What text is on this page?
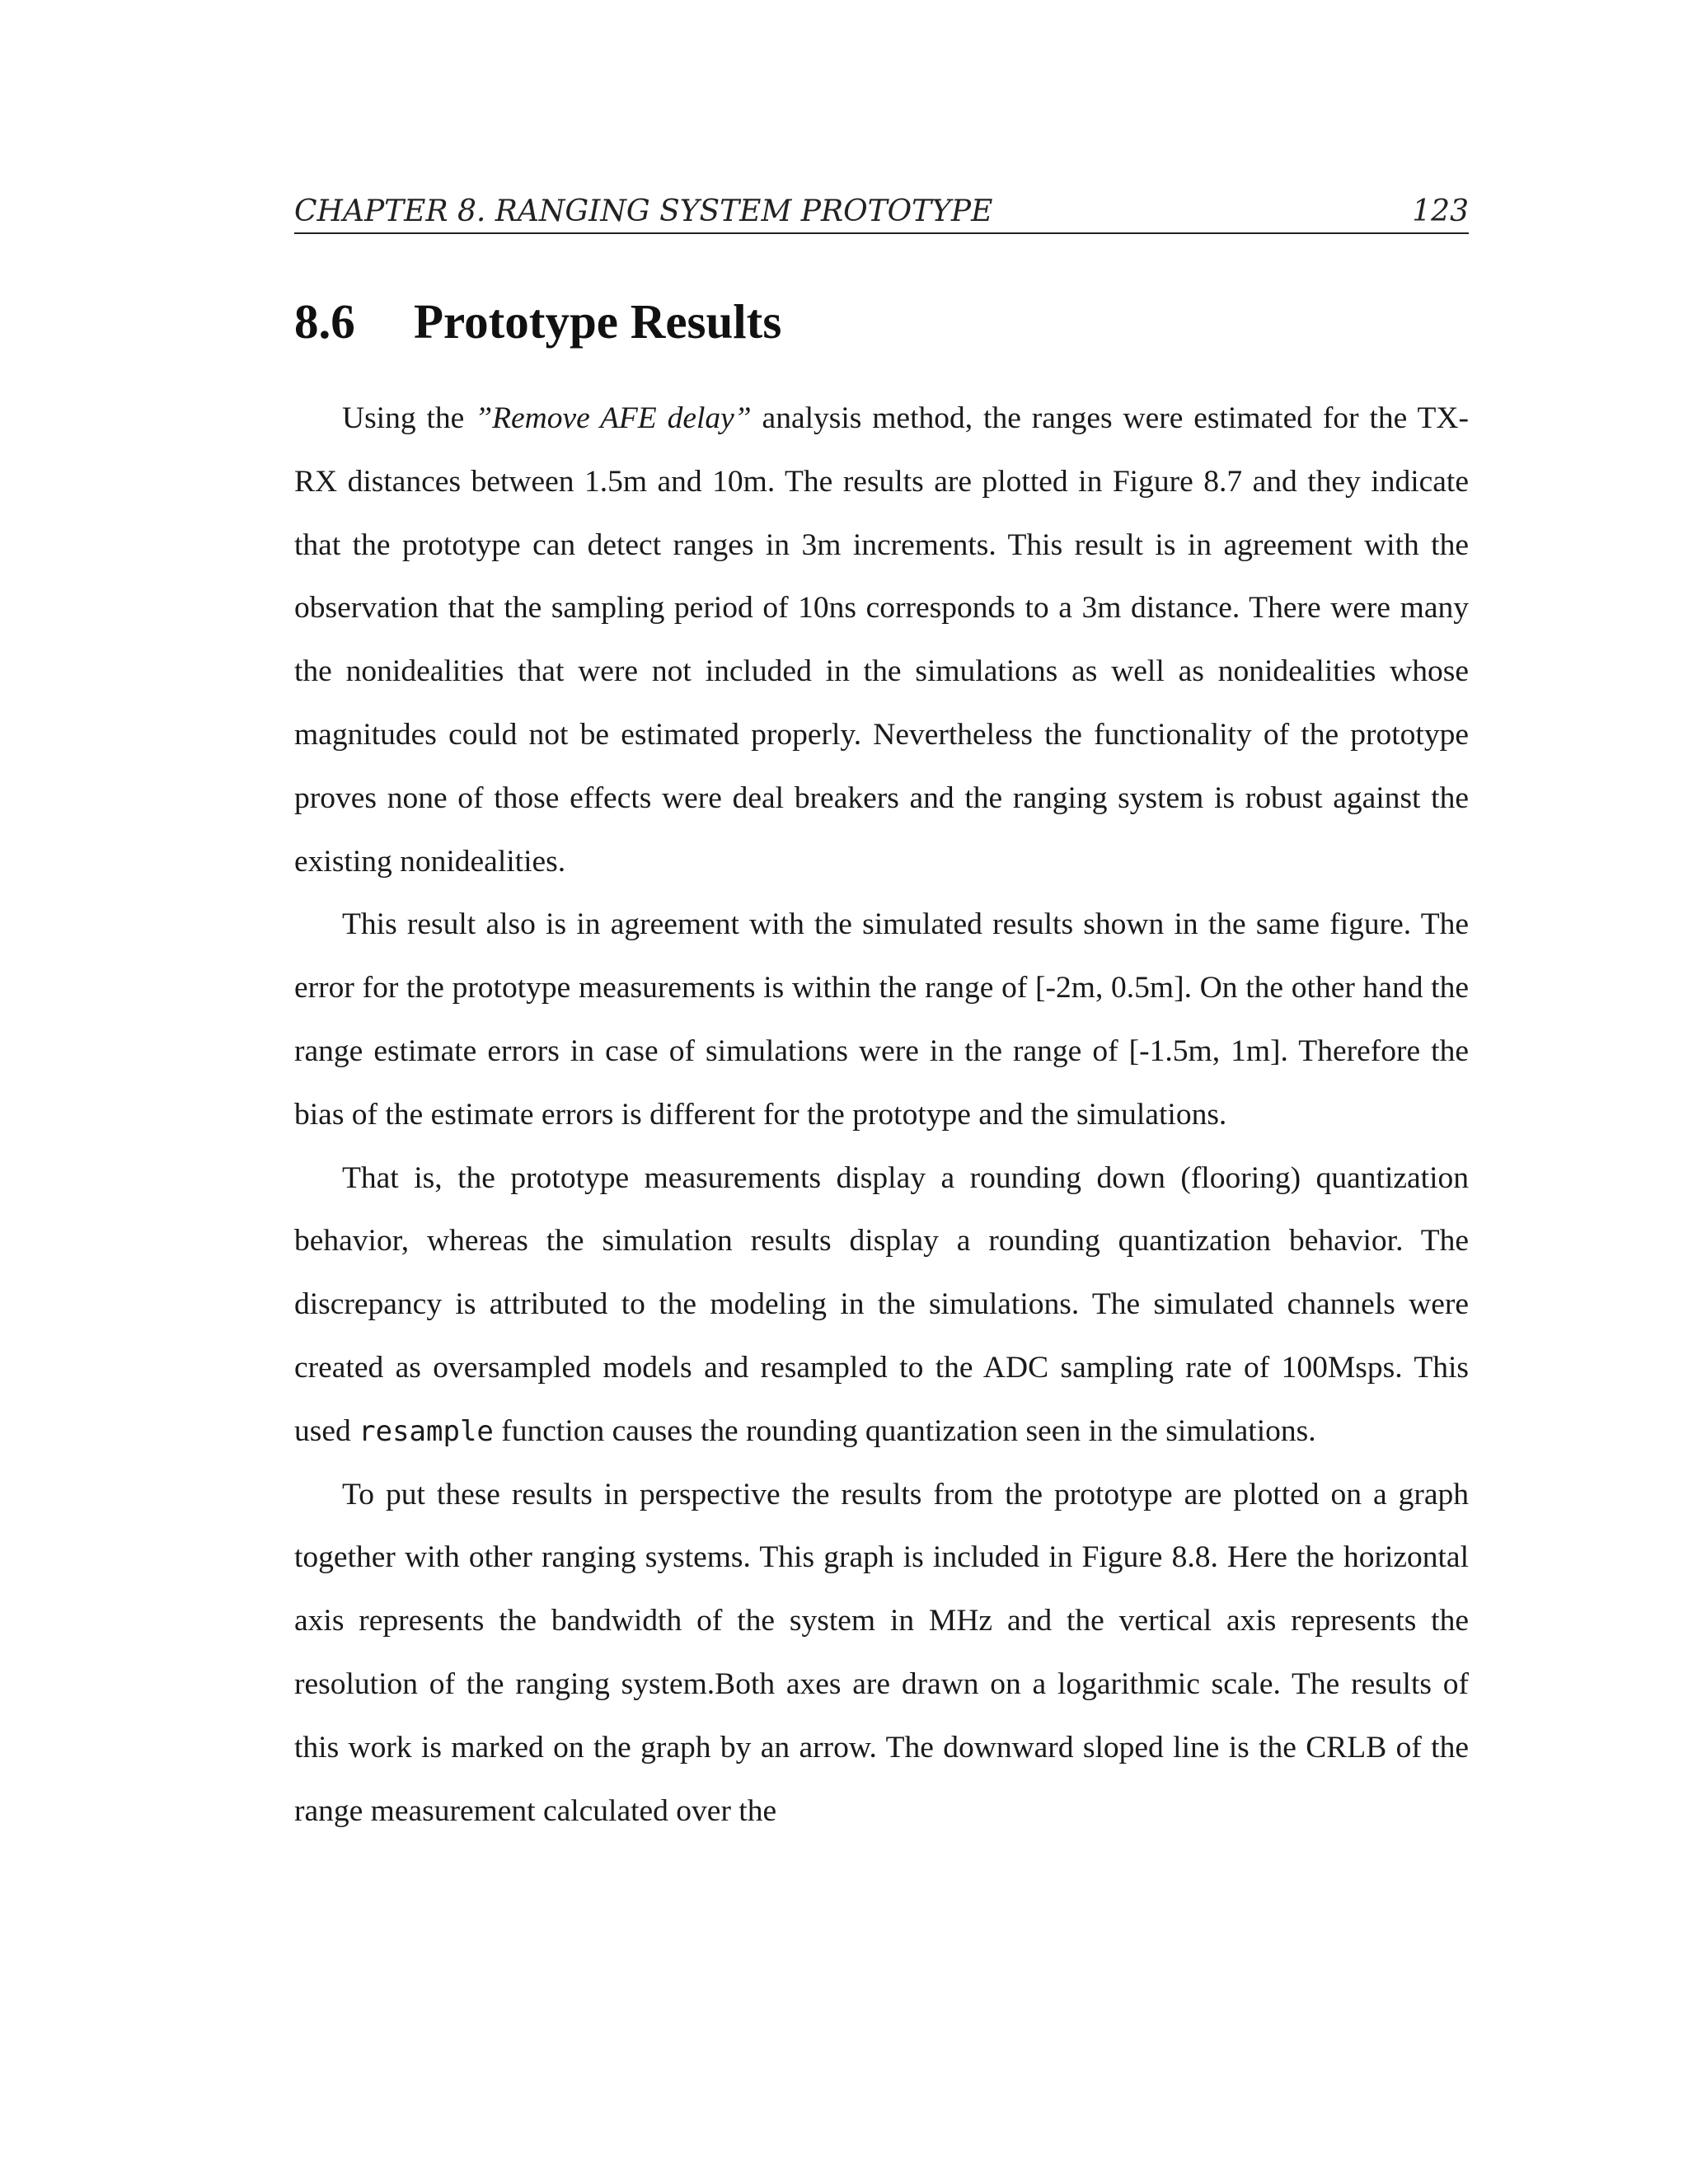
CHAPTER 8. RANGING SYSTEM PROTOTYPE	123
8.6 Prototype Results

Using the ”Remove AFE delay” analysis method, the ranges were estimated for the TX-RX distances between 1.5m and 10m. The results are plotted in Figure 8.7 and they indicate that the prototype can detect ranges in 3m increments. This result is in agreement with the observation that the sampling period of 10ns corresponds to a 3m distance. There were many the nonidealities that were not included in the simulations as well as nonidealities whose magnitudes could not be estimated properly. Nevertheless the functionality of the prototype proves none of those effects were deal breakers and the ranging system is robust against the existing nonidealities.

This result also is in agreement with the simulated results shown in the same figure. The error for the prototype measurements is within the range of [-2m, 0.5m]. On the other hand the range estimate errors in case of simulations were in the range of [-1.5m, 1m]. Therefore the bias of the estimate errors is different for the prototype and the simulations.

That is, the prototype measurements display a rounding down (flooring) quantization behavior, whereas the simulation results display a rounding quantization behavior. The discrepancy is attributed to the modeling in the simulations. The simulated channels were created as oversampled models and resampled to the ADC sampling rate of 100Msps. This used resample function causes the rounding quantization seen in the simulations.

To put these results in perspective the results from the prototype are plotted on a graph together with other ranging systems. This graph is included in Figure 8.8. Here the horizontal axis represents the bandwidth of the system in MHz and the vertical axis represents the resolution of the ranging system.Both axes are drawn on a logarithmic scale. The results of this work is marked on the graph by an arrow. The downward sloped line is the CRLB of the range measurement calculated over the
